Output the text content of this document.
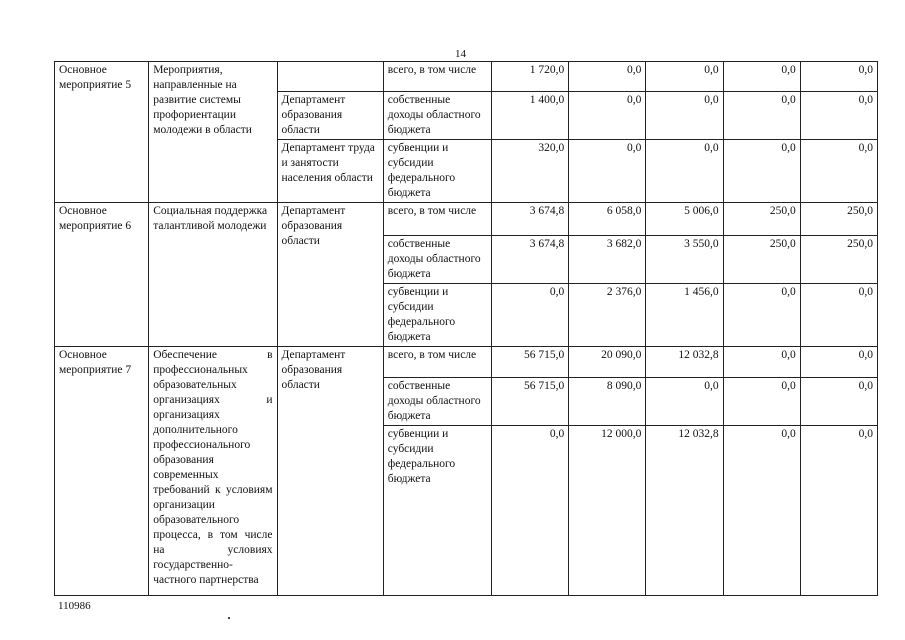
14
Основное мероприятие 5	Мероприятия, направленные на развитие системы профориентации молодежи в области		всего, в том числе	1 720,0	0,0	0,0	0,0	0,0
		Департамент образования области	собственные доходы областного бюджета	1 400,0	0,0	0,0	0,0	0,0
		Департамент труда и занятости населения области	субвенции и субсидии федерального бюджета	320,0	0,0	0,0	0,0	0,0
Основное мероприятие 6	Социальная поддержка талантливой молодежи	Департамент образования области	всего, в том числе	3 674,8	6 058,0	5 006,0	250,0	250,0
			собственные доходы областного бюджета	3 674,8	3 682,0	3 550,0	250,0	250,0
			субвенции и субсидии федерального бюджета	0,0	2 376,0	1 456,0	0,0	0,0
Основное мероприятие 7	Обеспечение в профессиональных образовательных организациях и организациях дополнительного профессионального образования современных требований к условиям организации образовательного процесса, в том числе на условиях государственно-частного партнерства	Департамент образования области	всего, в том числе	56 715,0	20 090,0	12 032,8	0,0	0,0
			собственные доходы областного бюджета	56 715,0	8 090,0	0,0	0,0	0,0
			субвенции и субсидии федерального бюджета	0,0	12 000,0	12 032,8	0,0	0,0
110986
